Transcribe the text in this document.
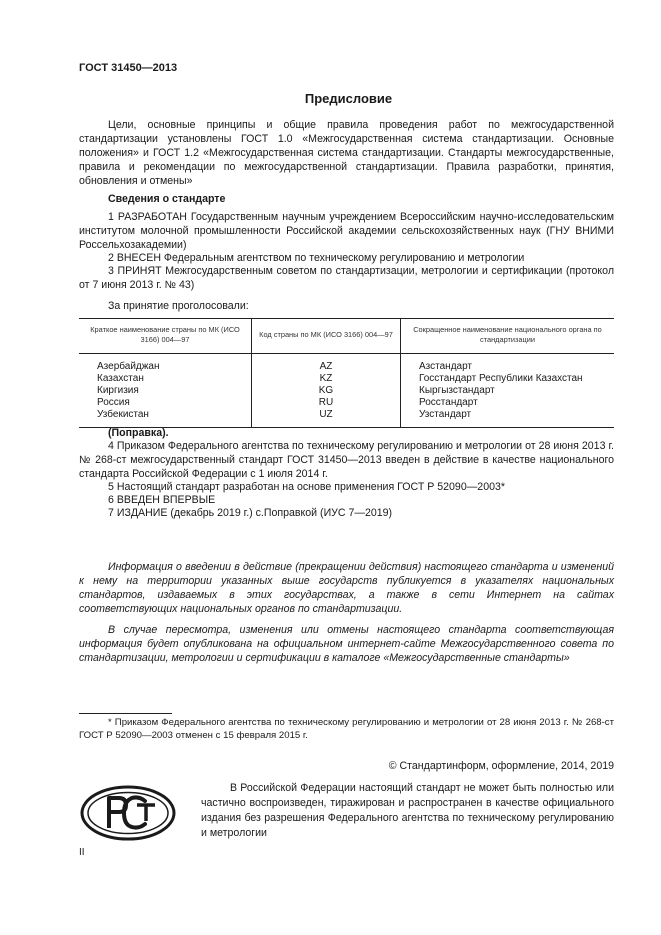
ГОСТ 31450—2013
Предисловие
Цели, основные принципы и общие правила проведения работ по межгосударственной стандартизации установлены ГОСТ 1.0 «Межгосударственная система стандартизации. Основные положения» и ГОСТ 1.2 «Межгосударственная система стандартизации. Стандарты межгосударственные, правила и рекомендации по межгосударственной стандартизации. Правила разработки, принятия, обновления и отмены»
Сведения о стандарте
1 РАЗРАБОТАН Государственным научным учреждением Всероссийским научно-исследовательским институтом молочной промышленности Российской академии сельскохозяйственных наук (ГНУ ВНИМИ Россельхозакадемии)
2 ВНЕСЕН Федеральным агентством по техническому регулированию и метрологии
3 ПРИНЯТ Межгосударственным советом по стандартизации, метрологии и сертификации (протокол от 7 июня 2013 г. № 43)
За принятие проголосовали:
Краткое наименование страны по МК (ИСО 3166) 004—97	Код страны по МК (ИСО 3166) 004—97	Сокращенное наименование национального органа по стандартизации
Азербайджан	AZ	Азстандарт
Казахстан	KZ	Госстандарт Республики Казахстан
Киргизия	KG	Кыргызстандарт
Россия	RU	Росстандарт
Узбекистан	UZ	Узстандарт
(Поправка).
4 Приказом Федерального агентства по техническому регулированию и метрологии от 28 июня 2013 г. № 268-ст межгосударственный стандарт ГОСТ 31450—2013 введен в действие в качестве национального стандарта Российской Федерации с 1 июля 2014 г.
5 Настоящий стандарт разработан на основе применения ГОСТ Р 52090—2003*
6 ВВЕДЕН ВПЕРВЫЕ
7 ИЗДАНИЕ (декабрь 2019 г.) с.Поправкой (ИУС 7—2019)
Информация о введении в действие (прекращении действия) настоящего стандарта и изменений к нему на территории указанных выше государств публикуется в указателях национальных стандартов, издаваемых в этих государствах, а также в сети Интернет на сайтах соответствующих национальных органов по стандартизации.
В случае пересмотра, изменения или отмены настоящего стандарта соответствующая информация будет опубликована на официальном интернет-сайте Межгосударственного совета по стандартизации, метрологии и сертификации в каталоге «Межгосударственные стандарты»
* Приказом Федерального агентства по техническому регулированию и метрологии от 28 июня 2013 г. № 268-ст ГОСТ Р 52090—2003 отменен с 15 февраля 2015 г.
© Стандартинформ, оформление, 2014, 2019
В Российской Федерации настоящий стандарт не может быть полностью или частично воспроизведен, тиражирован и распространен в качестве официального издания без разрешения Федерального агентства по техническому регулированию и метрологии
II
